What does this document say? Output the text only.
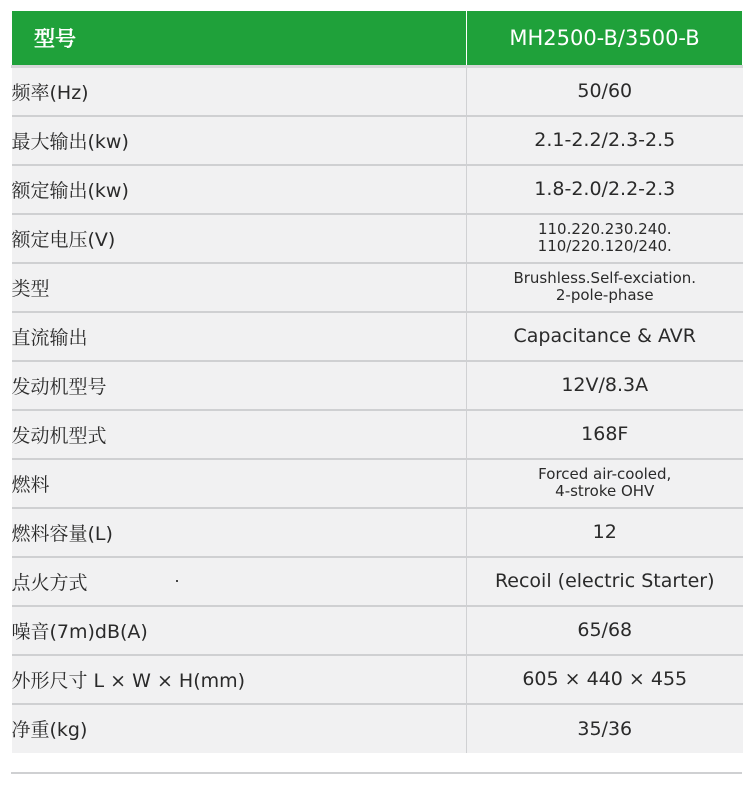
型号	MH2500-B/3500-B
频率(Hz)	50/60
最大输出(kw)	2.1-2.2/2.3-2.5
额定输出(kw)	1.8-2.0/2.2-2.3
额定电压(V)	110.220.230.240.
110/220.120/240.

类型	Brushless.Self-exciation.
2-pole-phase

直流输出	Capacitance & AVR
发动机型号	12V/8.3A
发动机型式	168F
燃料	Forced air-cooled,
4-stroke OHV

燃料容量(L)	12
点火方式	Recoil (electric Starter)
噪音(7m)dB(A)	65/68
外形尺寸 L × W × H(mm)	605 × 440 × 455
净重(kg)	35/36
